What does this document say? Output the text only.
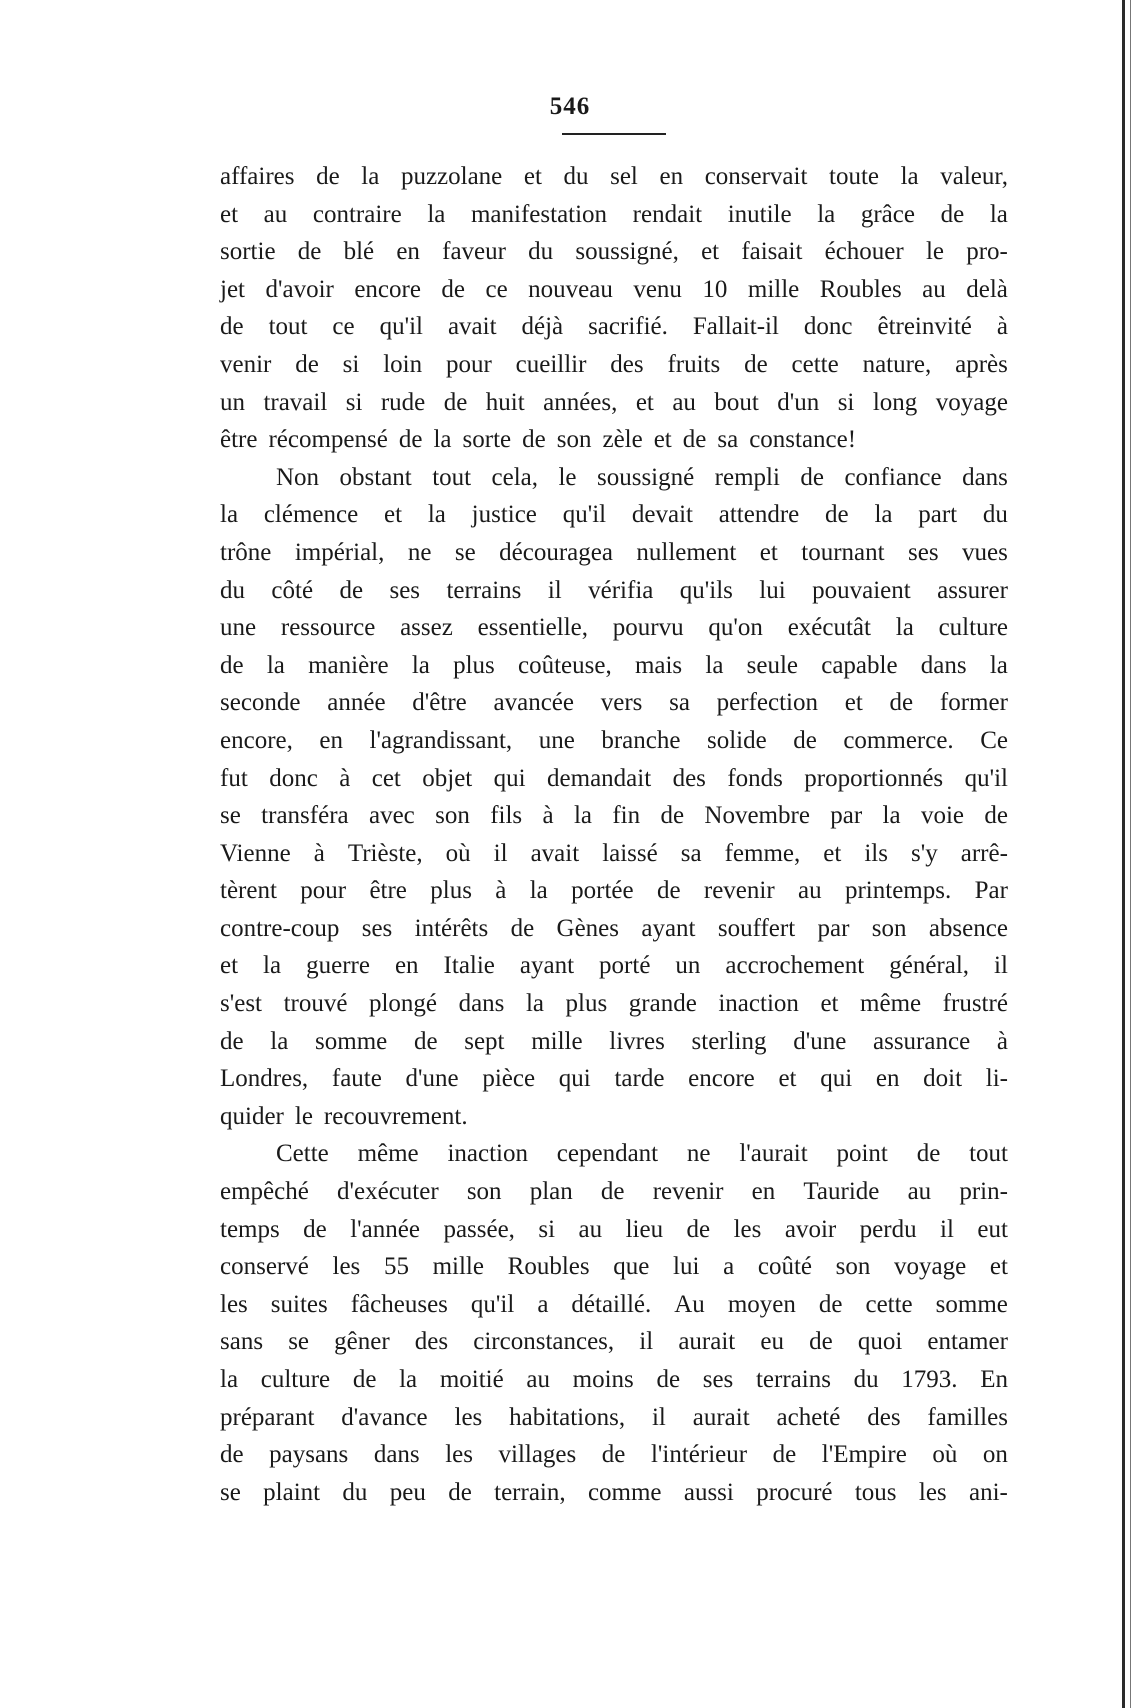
546
affaires de la puzzolane et du sel en conservait toute la valeur,
et au contraire la manifestation rendait inutile la grâce de la
sortie de blé en faveur du soussigné, et faisait échouer le pro-
jet d'avoir encore de ce nouveau venu 10 mille Roubles au delà
de tout ce qu'il avait déjà sacrifié. Fallait-il donc êtreinvité à
venir de si loin pour cueillir des fruits de cette nature, après
un travail si rude de huit années, et au bout d'un si long voyage
être récompensé de la sorte de son zèle et de sa constance!
Non obstant tout cela, le soussigné rempli de confiance dans
la clémence et la justice qu'il devait attendre de la part du
trône impérial, ne se découragea nullement et tournant ses vues
du côté de ses terrains il vérifia qu'ils lui pouvaient assurer
une ressource assez essentielle, pourvu qu'on exécutât la culture
de la manière la plus coûteuse, mais la seule capable dans la
seconde année d'être avancée vers sa perfection et de former
encore, en l'agrandissant, une branche solide de commerce. Ce
fut donc à cet objet qui demandait des fonds proportionnés qu'il
se transféra avec son fils à la fin de Novembre par la voie de
Vienne à Trièste, où il avait laissé sa femme, et ils s'y arrê-
tèrent pour être plus à la portée de revenir au printemps. Par
contre-coup ses intérêts de Gènes ayant souffert par son absence
et la guerre en Italie ayant porté un accrochement général, il
s'est trouvé plongé dans la plus grande inaction et même frustré
de la somme de sept mille livres sterling d'une assurance à
Londres, faute d'une pièce qui tarde encore et qui en doit li-
quider le recouvrement.
Cette même inaction cependant ne l'aurait point de tout
empêché d'exécuter son plan de revenir en Tauride au prin-
temps de l'année passée, si au lieu de les avoir perdu il eut
conservé les 55 mille Roubles que lui a coûté son voyage et
les suites fâcheuses qu'il a détaillé. Au moyen de cette somme
sans se gêner des circonstances, il aurait eu de quoi entamer
la culture de la moitié au moins de ses terrains du 1793. En
préparant d'avance les habitations, il aurait acheté des familles
de paysans dans les villages de l'intérieur de l'Empire où on
se plaint du peu de terrain, comme aussi procuré tous les ani-
